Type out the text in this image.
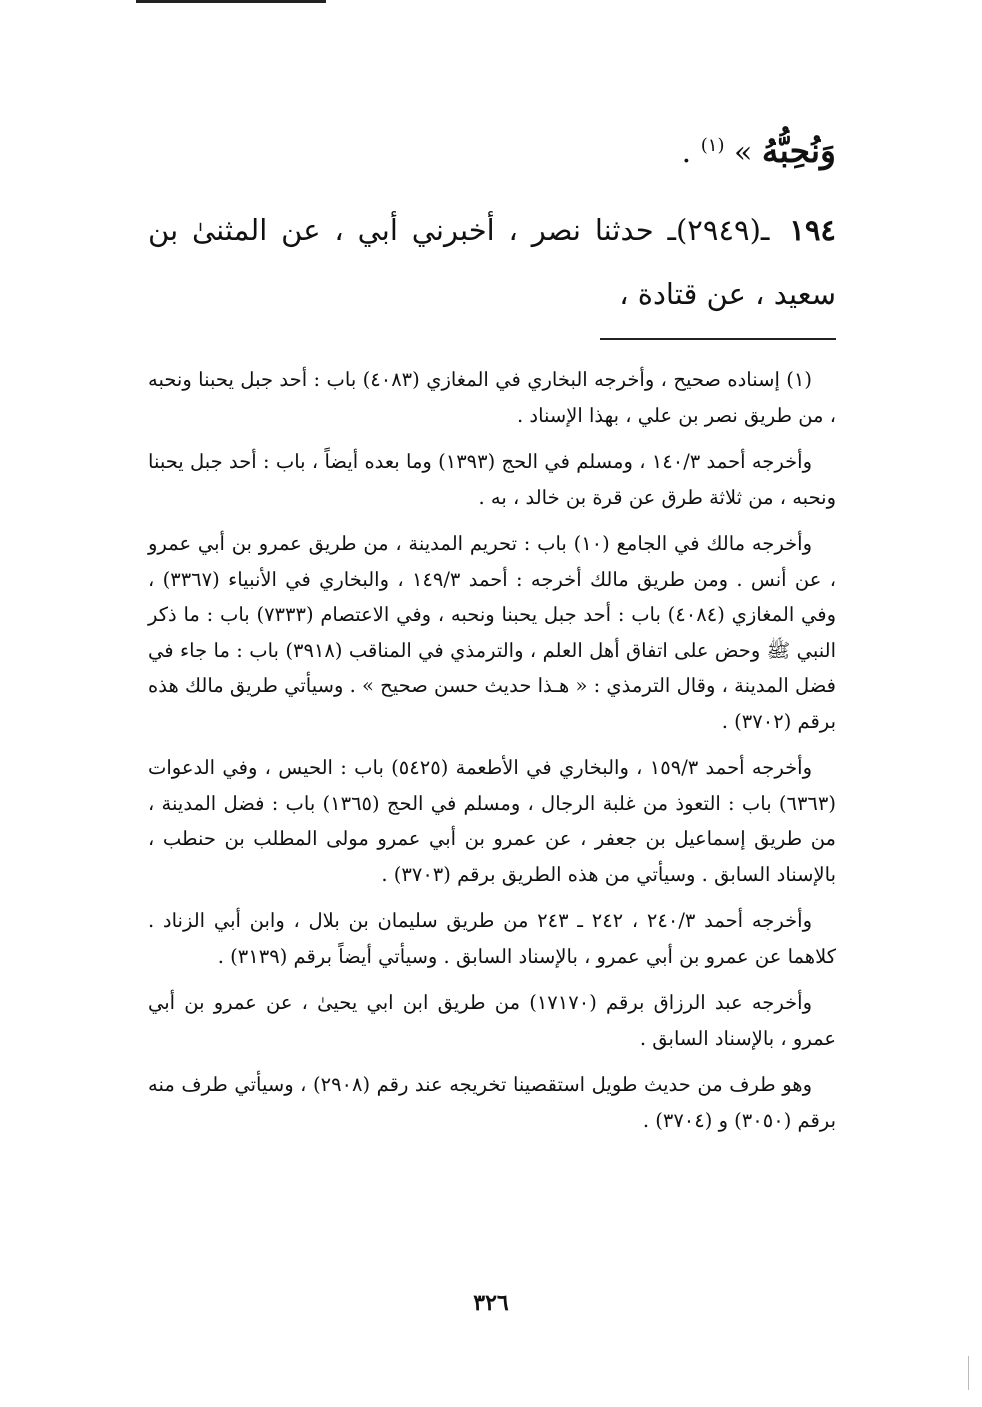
وَنُحِبُّهُ » $^{(١)}$ .
١٩٤ ـ(٢٩٤٩)ـ حدثنا نصر ، أخبرني أبي ، عن المثنىٰ بن سعيد ، عن قتادة ،

(١) إسناده صحيح ، وأخرجه البخاري في المغازي (٤٠٨٣) باب : أحد جبل يحبنا ونحبه ، من طريق نصر بن علي ، بهذا الإسناد .

وأخرجه أحمد ١٤٠/٣ ، ومسلم في الحج (١٣٩٣) وما بعده أيضاً ، باب : أحد جبل يحبنا ونحبه ، من ثلاثة طرق عن قرة بن خالد ، به .

وأخرجه مالك في الجامع (١٠) باب : تحريم المدينة ، من طريق عمرو بن أبي عمرو ، عن أنس . ومن طريق مالك أخرجه : أحمد ١٤٩/٣ ، والبخاري في الأنبياء (٣٣٦٧) ، وفي المغازي (٤٠٨٤) باب : أحد جبل يحبنا ونحبه ، وفي الاعتصام (٧٣٣٣) باب : ما ذكر النبي ﷺ وحض على اتفاق أهل العلم ، والترمذي في المناقب (٣٩١٨) باب : ما جاء في فضل المدينة ، وقال الترمذي : « هـذا حديث حسن صحيح » . وسيأتي طريق مالك هذه برقم (٣٧٠٢) .

وأخرجه أحمد ١٥٩/٣ ، والبخاري في الأطعمة (٥٤٢٥) باب : الحيس ، وفي الدعوات (٦٣٦٣) باب : التعوذ من غلبة الرجال ، ومسلم في الحج (١٣٦٥) باب : فضل المدينة ، من طريق إسماعيل بن جعفر ، عن عمرو بن أبي عمرو مولى المطلب بن حنطب ، بالإسناد السابق . وسيأتي من هذه الطريق برقم (٣٧٠٣) .

وأخرجه أحمد ٢٤٠/٣ ، ٢٤٢ ـ ٢٤٣ من طريق سليمان بن بلال ، وابن أبي الزناد . كلاهما عن عمرو بن أبي عمرو ، بالإسناد السابق . وسيأتي أيضاً برقم (٣١٣٩) .

وأخرجه عبد الرزاق برقم (١٧١٧٠) من طريق ابن ابي يحيىٰ ، عن عمرو بن أبي عمرو ، بالإسناد السابق .

وهو طرف من حديث طويل استقصينا تخريجه عند رقم (٢٩٠٨) ، وسيأتي طرف منه برقم (٣٠٥٠) و (٣٧٠٤) .

٣٢٦
